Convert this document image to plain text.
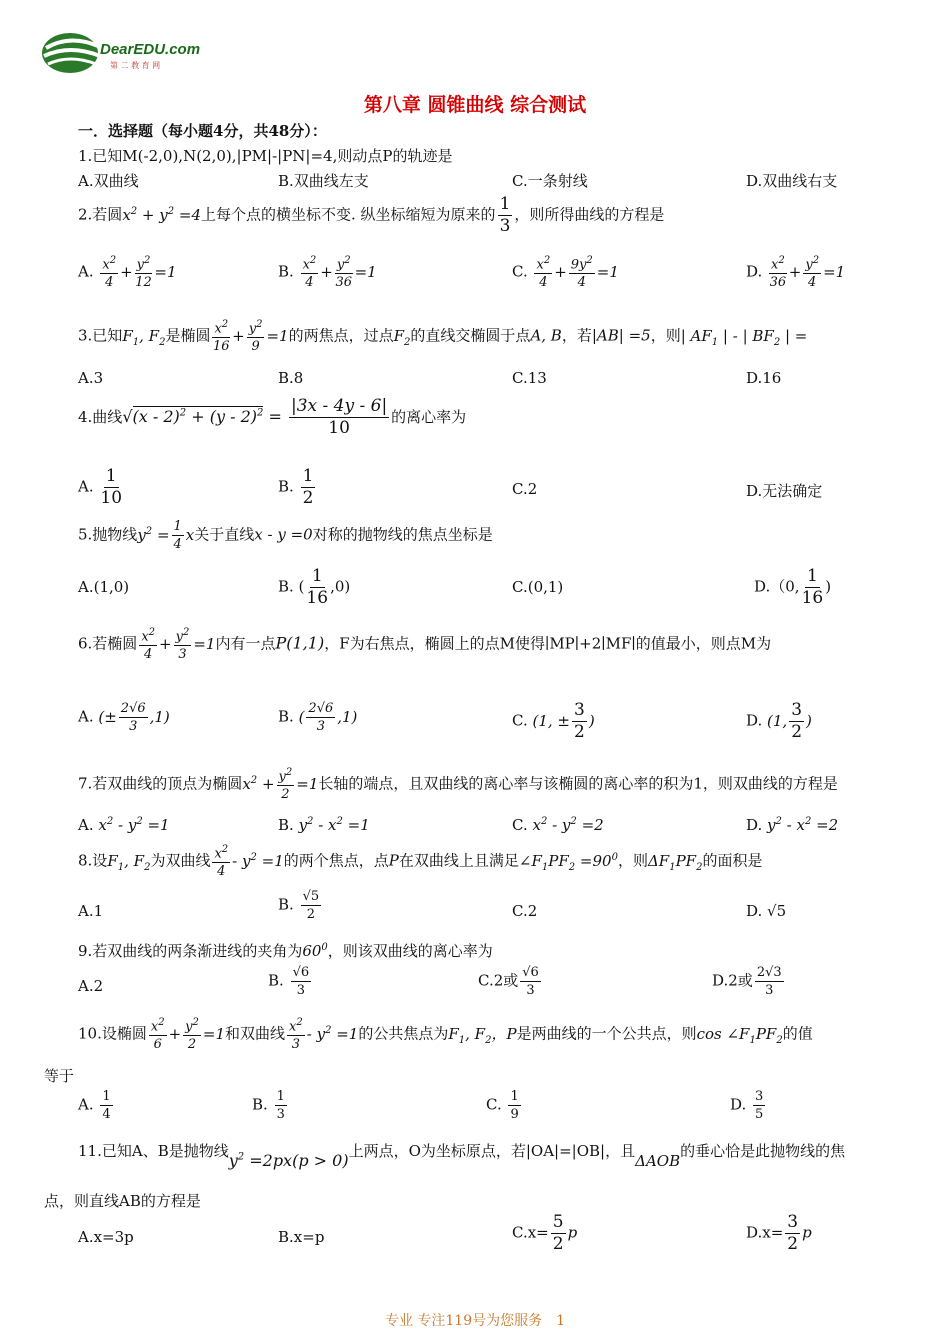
DearEDU.com
第 二 教 育 网
第八章 圆锥曲线 综合测试
一．选择题（每小题4分，共48分）：
1.已知M(-2,0),N(2,0),|PM|-|PN|=4,则动点P的轨迹是
A.双曲线	B.双曲线左支	C.一条射线	D.双曲线右支
2.若圆$x^2 + y^2 =4$上每个点的横坐标不变. 纵坐标缩短为原来的 $\frac{1}{3}$ ，则所得曲线的方程是
A. $\frac{x^2}{4} + \frac{y^2}{12} =1$	B. $\frac{x^2}{4} + \frac{y^2}{36} =1$	C. $\frac{x^2}{4} + \frac{9y^2}{4} =1$	D. $\frac{x^2}{36} + \frac{y^2}{4} =1$
3.已知$F_1$, $F_2$是椭圆 $\frac{x^2}{16} + \frac{y^2}{9} =1$的两焦点，过点$F_2$的直线交椭圆于点A, B，若|AB| =5，则| $AF_1$ | - | $BF_2$ | =
A.3	B.8	C.13	D.16
4.曲线$√(x - 2)^2 + (y - 2)^2 = \frac{|3x - 4y - 6|}{10}$ 的离心率为
A. $\frac{1}{10}$	B. $\frac{1}{2}$	C.2	D.无法确定
5.抛物线$y^2 = \frac{1}{4}$ x关于直线x - y =0对称的抛物线的焦点坐标是
A.(1,0)	B. ( $\frac{1}{16} ,0$)	C.(0,1)	D.（0, $\frac{1}{16}$ )
6.若椭圆 $\frac{x^2}{4} + \frac{y^2}{3} =1$内有一点P(1,1)，F为右焦点，椭圆上的点M使得∣MP∣+2∣MF∣的值最小，则点M为
A. (± $\frac{2√6}{3} ,1$)	B. ( $\frac{2√6}{3} ,1$)	C. (1, ± $\frac{3}{2}$ )	D. (1, $\frac{3}{2}$ )
7.若双曲线的顶点为椭圆$x^2 + \frac{y^2}{2} =1$长轴的端点，且双曲线的离心率与该椭圆的离心率的积为1，则双曲线的方程是
A. $x^2 - y^2 =1$	B. $y^2 - x^2 =1$	C. $x^2 - y^2 =2$	D. $y^2 - x^2 =2$
8.设$F_1$, $F_2$为双曲线 $\frac{x^2}{4} - y^2 =1$的两个焦点，点P在双曲线上且满足$\angle F_1PF_2 =90^0$，则$\Delta F_1PF_2$的面积是
A.1	B. $\frac{√5}{2}$	C.2	D. √5
9.若双曲线的两条渐进线的夹角为$60^0$，则该双曲线的离心率为
A.2	B. $\frac{√6}{3}$	C.2或 $\frac{√6}{3}$	D.2或 $\frac{2√3}{3}$
10.设椭圆 $\frac{x^2}{6} + \frac{y^2}{2} =1$和双曲线 $\frac{x^2}{3} - y^2 =1$的公共焦点为$F_1$, $F_2$，P是两曲线的一个公共点，则$\cos \angle F_1PF_2$的值
等于
A. $\frac{1}{4}$	B. $\frac{1}{3}$	C. $\frac{1}{9}$	D. $\frac{3}{5}$
11.已知A、B是抛物线$y^2 =2px(p > 0)$上两点，O为坐标原点，若|OA|=|OB|，且ΔAOB的垂心恰是此抛物线的焦
点，则直线AB的方程是
A.x=3p	B.x=p	$C.x= \frac{5}{2}$ p	$D.x= \frac{3}{2}$ p
专业 专注119号为您服务　1
